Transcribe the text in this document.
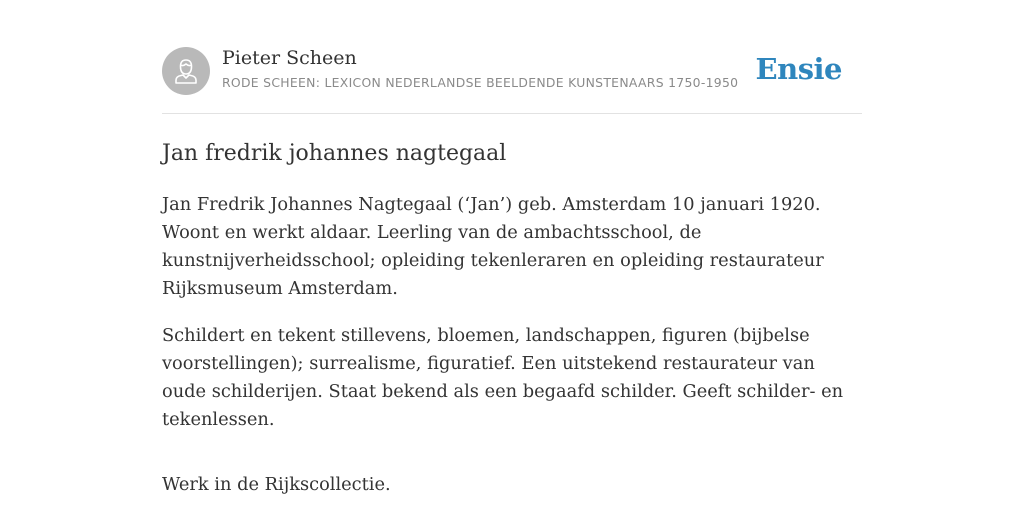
Pieter Scheen
RODE SCHEEN: LEXICON NEDERLANDSE BEELDENDE KUNSTENAARS 1750-1950 Ensie
Jan fredrik johannes nagtegaal

Jan Fredrik Johannes Nagtegaal (‘Jan’) geb. Amsterdam 10 januari 1920. Woont en werkt aldaar. Leerling van de ambachtsschool, de kunstnijverheidsschool; opleiding tekenleraren en opleiding restaurateur Rijksmuseum Amsterdam.

Schildert en tekent stillevens, bloemen, landschappen, figuren (bijbelse voorstellingen); surrealisme, figuratief. Een uitstekend restaurateur van oude schilderijen. Staat bekend als een begaafd schilder. Geeft schilder- en tekenlessen.

Werk in de Rijkscollectie.
